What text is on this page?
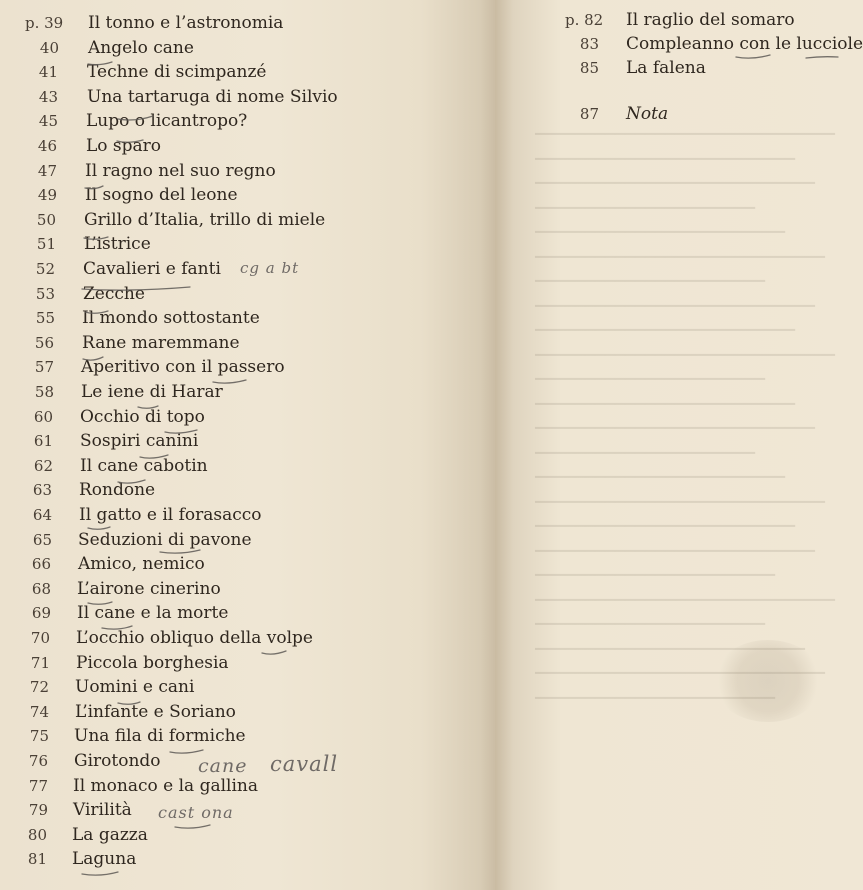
p. 39 Il tonno e l’astronomia
40 Angelo cane
41 Techne di scimpanzé
43 Una tartaruga di nome Silvio
45 Lupo o licantropo?
46 Lo sparo
47 Il ragno nel suo regno
49 Il sogno del leone
50 Grillo d’Italia, trillo di miele
51 L’istrice
52 Cavalieri e fanti
53 Zecche
55 Il mondo sottostante
56 Rane maremmane
57 Aperitivo con il passero
58 Le iene di Harar
60 Occhio di topo
61 Sospiri canini
62 Il cane cabotin
63 Rondone
64 Il gatto e il forasacco
65 Seduzioni di pavone
66 Amico, nemico
68 L’airone cinerino
69 Il cane e la morte
70 L’occhio obliquo della volpe
71 Piccola borghesia
72 Uomini e cani
74 L’infante e Soriano
75 Una fila di formiche
76 Girotondo
77 Il monaco e la gallina
79 Virilità
80 La gazza
81 Laguna
▔▔▔▔▔▔▔▔▔▔▔▔▔▔▔▔▔▔▔▔▔▔▔▔▔▔▔▔▔▔
▔▔▔▔▔▔▔▔▔▔▔▔▔▔▔▔▔▔▔▔▔▔▔▔▔▔
▔▔▔▔▔▔▔▔▔▔▔▔▔▔▔▔▔▔▔▔▔▔▔▔▔▔▔▔
▔▔▔▔▔▔▔▔▔▔▔▔▔▔▔▔▔▔▔▔▔▔
▔▔▔▔▔▔▔▔▔▔▔▔▔▔▔▔▔▔▔▔▔▔▔▔▔
▔▔▔▔▔▔▔▔▔▔▔▔▔▔▔▔▔▔▔▔▔▔▔▔▔▔▔▔▔
▔▔▔▔▔▔▔▔▔▔▔▔▔▔▔▔▔▔▔▔▔▔▔
▔▔▔▔▔▔▔▔▔▔▔▔▔▔▔▔▔▔▔▔▔▔▔▔▔▔▔▔
▔▔▔▔▔▔▔▔▔▔▔▔▔▔▔▔▔▔▔▔▔▔▔▔▔▔
▔▔▔▔▔▔▔▔▔▔▔▔▔▔▔▔▔▔▔▔▔▔▔▔▔▔▔▔▔▔
▔▔▔▔▔▔▔▔▔▔▔▔▔▔▔▔▔▔▔▔▔▔▔
▔▔▔▔▔▔▔▔▔▔▔▔▔▔▔▔▔▔▔▔▔▔▔▔▔▔
▔▔▔▔▔▔▔▔▔▔▔▔▔▔▔▔▔▔▔▔▔▔▔▔▔▔▔▔
▔▔▔▔▔▔▔▔▔▔▔▔▔▔▔▔▔▔▔▔▔▔
▔▔▔▔▔▔▔▔▔▔▔▔▔▔▔▔▔▔▔▔▔▔▔▔▔
▔▔▔▔▔▔▔▔▔▔▔▔▔▔▔▔▔▔▔▔▔▔▔▔▔▔▔▔▔
▔▔▔▔▔▔▔▔▔▔▔▔▔▔▔▔▔▔▔▔▔▔▔▔▔▔
▔▔▔▔▔▔▔▔▔▔▔▔▔▔▔▔▔▔▔▔▔▔▔▔▔▔▔▔
▔▔▔▔▔▔▔▔▔▔▔▔▔▔▔▔▔▔▔▔▔▔▔▔
▔▔▔▔▔▔▔▔▔▔▔▔▔▔▔▔▔▔▔▔▔▔▔▔▔▔▔▔▔▔
▔▔▔▔▔▔▔▔▔▔▔▔▔▔▔▔▔▔▔▔▔▔▔
▔▔▔▔▔▔▔▔▔▔▔▔▔▔▔▔▔▔▔▔▔▔▔▔▔▔▔
▔▔▔▔▔▔▔▔▔▔▔▔▔▔▔▔▔▔▔▔▔▔▔▔▔▔▔▔▔
▔▔▔▔▔▔▔▔▔▔▔▔▔▔▔▔▔▔▔▔▔▔▔▔
p. 82 Il raglio del somaro
83 Compleanno con le lucciole
85 La falena
87 Nota
cg a bt
cane cavall
cast ona
